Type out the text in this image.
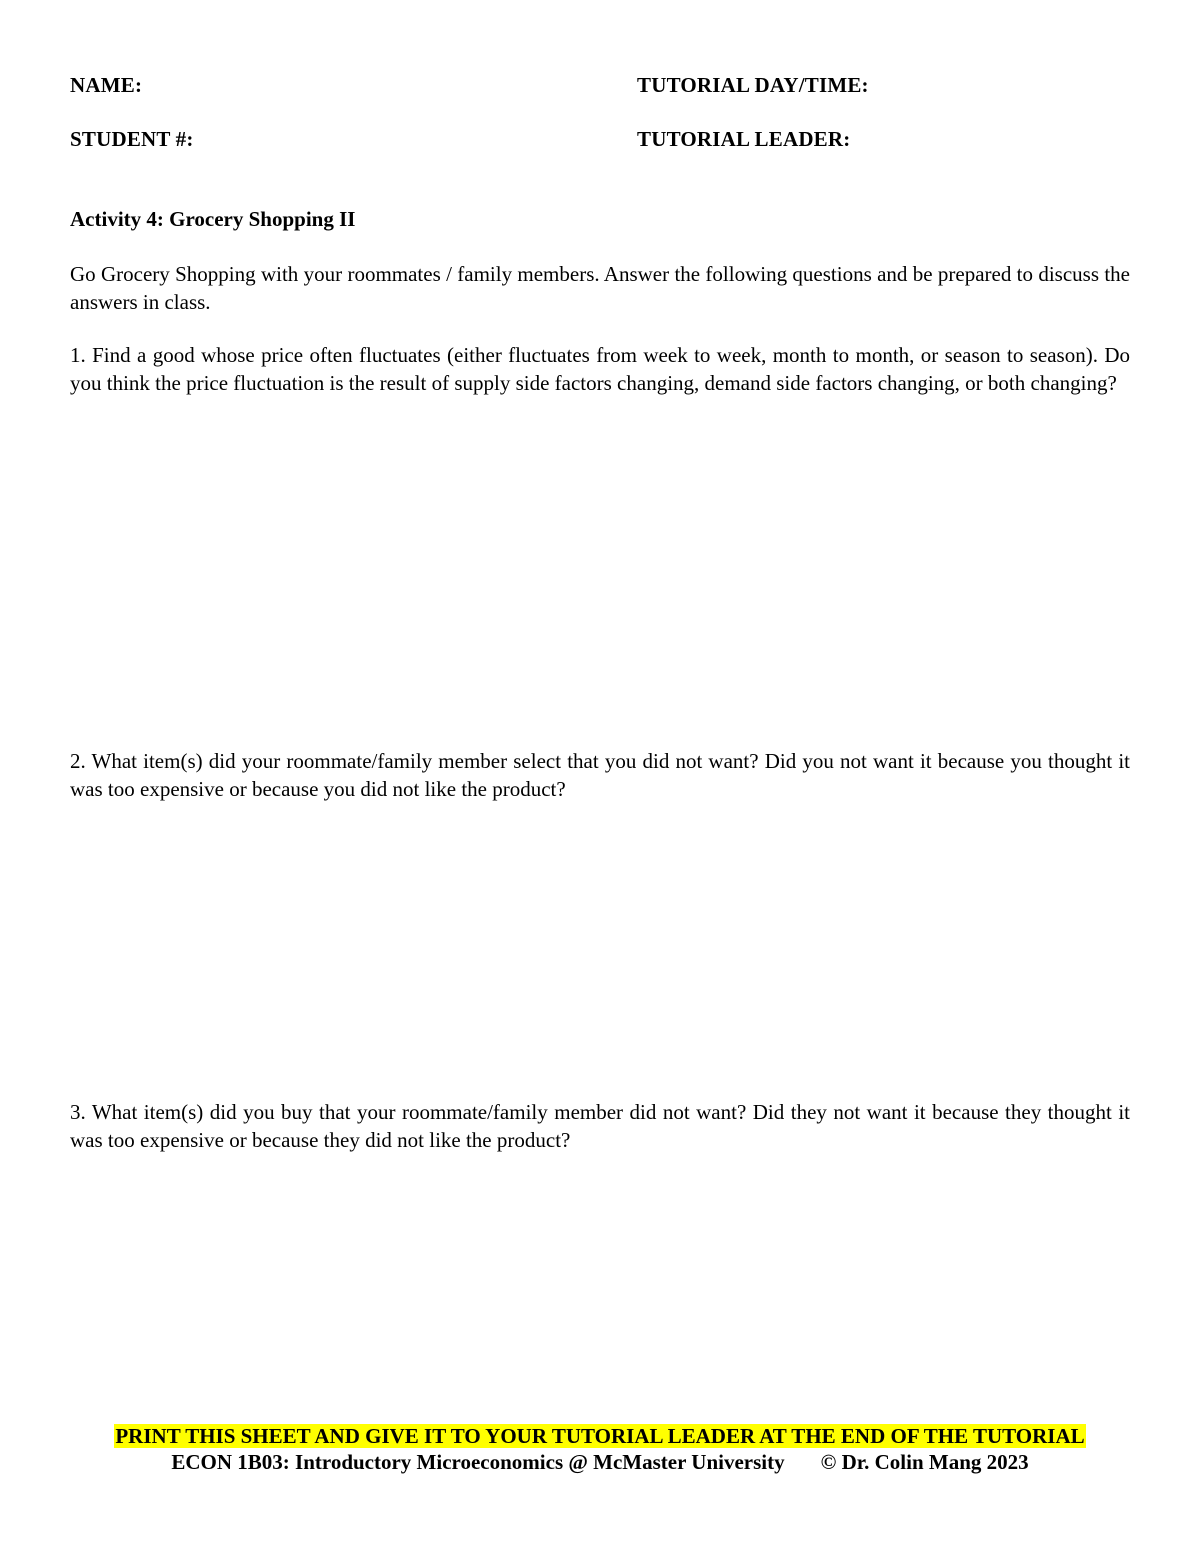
NAME:	TUTORIAL DAY/TIME:
STUDENT #:	TUTORIAL LEADER:
Activity 4: Grocery Shopping II
Go Grocery Shopping with your roommates / family members. Answer the following questions and be prepared to discuss the answers in class.
1. Find a good whose price often fluctuates (either fluctuates from week to week, month to month, or season to season). Do you think the price fluctuation is the result of supply side factors changing, demand side factors changing, or both changing?
2. What item(s) did your roommate/family member select that you did not want? Did you not want it because you thought it was too expensive or because you did not like the product?
3. What item(s) did you buy that your roommate/family member did not want? Did they not want it because they thought it was too expensive or because they did not like the product?
PRINT THIS SHEET AND GIVE IT TO YOUR TUTORIAL LEADER AT THE END OF THE TUTORIAL
ECON 1B03: Introductory Microeconomics @ McMaster University © Dr. Colin Mang 2023
